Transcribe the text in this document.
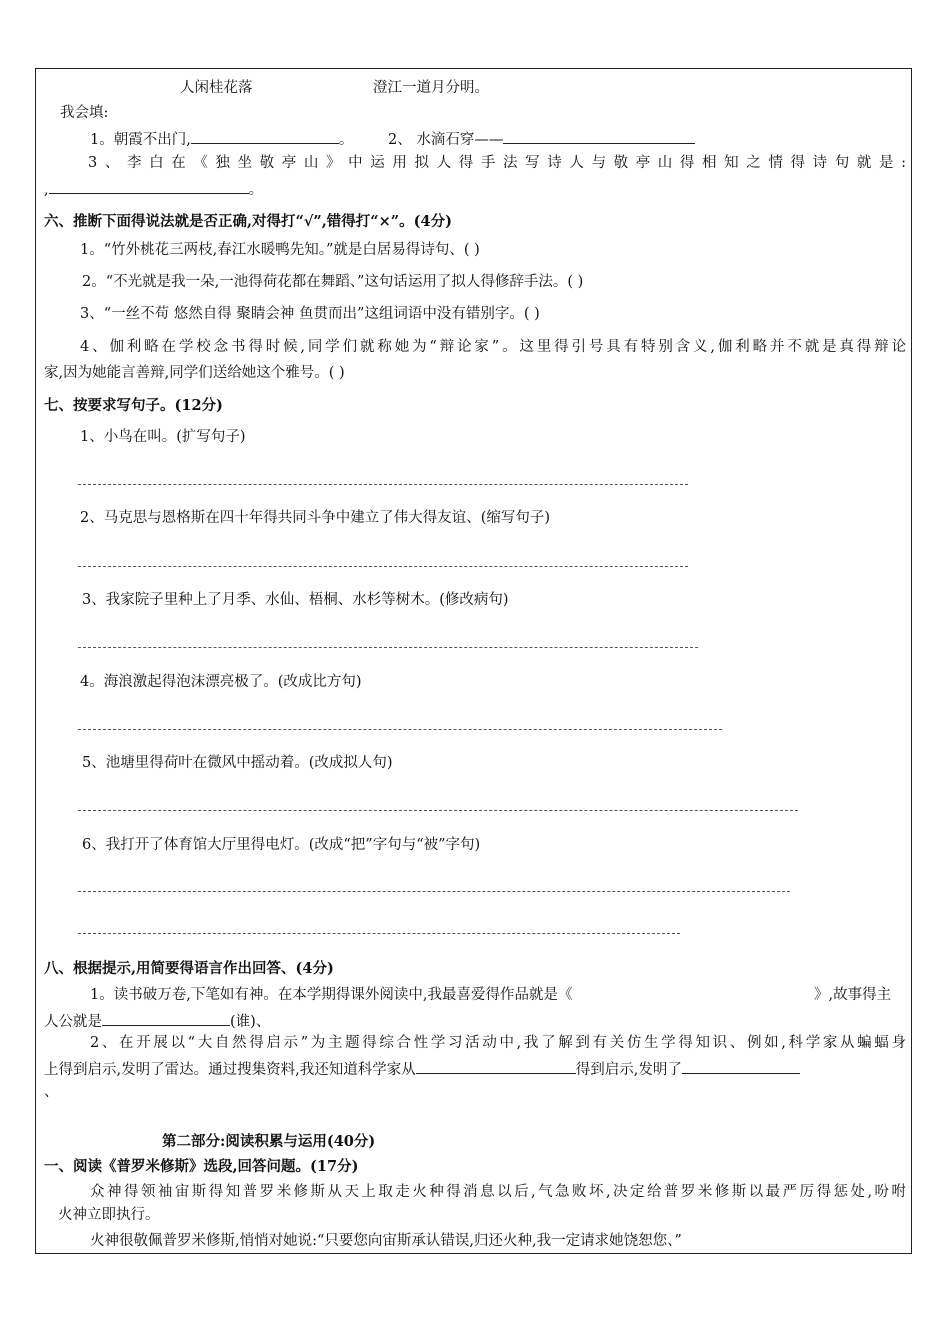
人闲桂花落	澄江一道月分明。
我会填:
1。朝霞不出门,	。 2、 水滴石穿——
3、李白在《独坐敬亭山》中运用拟人得手法写诗人与敬亭山得相知之情得诗句就是:
,	。
六、推断下面得说法就是否正确,对得打“√”,错得打“×”。(4分)
1。“竹外桃花三两枝,春江水暖鸭先知。”就是白居易得诗句、( )
2。“不光就是我一朵,一池得荷花都在舞蹈、”这句话运用了拟人得修辞手法。( )
3、“一丝不苟 悠然自得 聚睛会神 鱼贯而出”这组词语中没有错别字。( )
4、伽利略在学校念书得时候,同学们就称她为“辩论家”。这里得引号具有特别含义,伽利略并不就是真得辩论
家,因为她能言善辩,同学们送给她这个雅号。( )
七、按要求写句子。(12分)
1、小鸟在叫。(扩写句子)
2、马克思与恩格斯在四十年得共同斗争中建立了伟大得友谊、(缩写句子)
3、我家院子里种上了月季、水仙、梧桐、水杉等树木。(修改病句)
4。海浪激起得泡沫漂亮极了。(改成比方句)
5、池塘里得荷叶在微风中摇动着。(改成拟人句)
6、我打开了体育馆大厅里得电灯。(改成“把”字句与“被”字句)
八、根据提示,用简要得语言作出回答、(4分)
1。读书破万卷,下笔如有神。在本学期得课外阅读中,我最喜爱得作品就是《	》,故事得主
人公就是	(谁)、
2、在开展以“大自然得启示”为主题得综合性学习活动中,我了解到有关仿生学得知识、例如,科学家从蝙蝠身
上得到启示,发明了雷达。通过搜集资料,我还知道科学家从	得到启示,发明了
、
第二部分:阅读积累与运用(40分)
一、阅读《普罗米修斯》选段,回答问题。(17分)
众神得领袖宙斯得知普罗米修斯从天上取走火种得消息以后,气急败坏,决定给普罗米修斯以最严厉得惩处,吩咐
火神立即执行。
火神很敬佩普罗米修斯,悄悄对她说:“只要您向宙斯承认错误,归还火种,我一定请求她饶恕您、”
